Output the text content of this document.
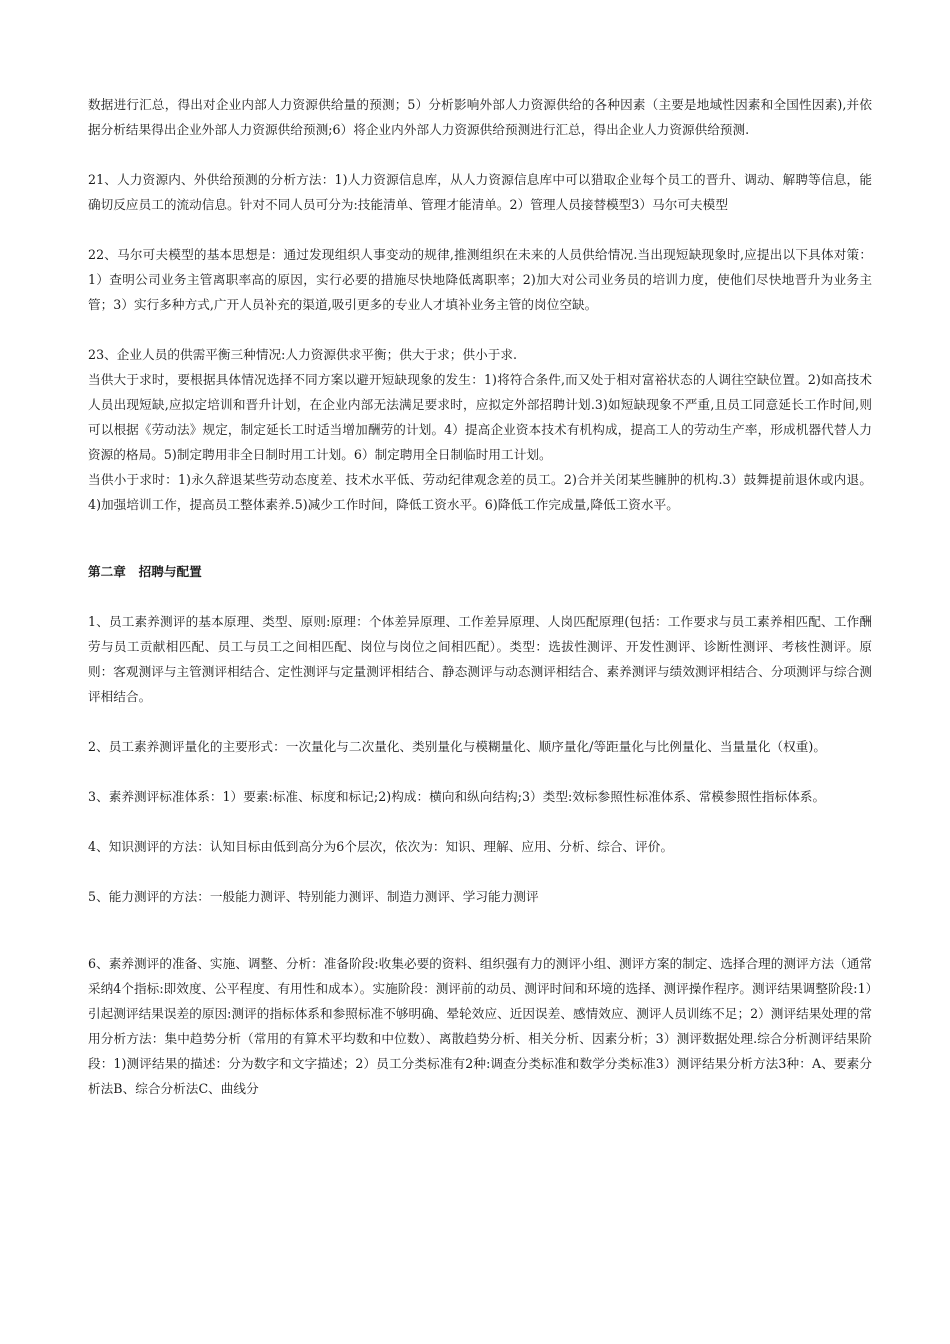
数据进行汇总，得出对企业内部人力资源供给量的预测；5）分析影响外部人力资源供给的各种因素（主要是地域性因素和全国性因素),并依据分析结果得出企业外部人力资源供给预测;6）将企业内外部人力资源供给预测进行汇总，得出企业人力资源供给预测.

21、人力资源内、外供给预测的分析方法：1)人力资源信息库，从人力资源信息库中可以猎取企业每个员工的晋升、调动、解聘等信息，能确切反应员工的流动信息。针对不同人员可分为:技能清单、管理才能清单。2）管理人员接替模型3）马尔可夫模型

22、马尔可夫模型的基本思想是：通过发现组织人事变动的规律,推测组织在未来的人员供给情况.当出现短缺现象时,应提出以下具体对策：1）查明公司业务主管离职率高的原因，实行必要的措施尽快地降低离职率；2)加大对公司业务员的培训力度，使他们尽快地晋升为业务主管；3）实行多种方式,广开人员补充的渠道,吸引更多的专业人才填补业务主管的岗位空缺。

23、企业人员的供需平衡三种情况:人力资源供求平衡；供大于求；供小于求.

当供大于求时，要根据具体情况选择不同方案以避开短缺现象的发生：1)将符合条件,而又处于相对富裕状态的人调往空缺位置。2)如高技术人员出现短缺,应拟定培训和晋升计划，在企业内部无法满足要求时，应拟定外部招聘计划.3)如短缺现象不严重,且员工同意延长工作时间,则可以根据《劳动法》规定，制定延长工时适当增加酬劳的计划。4）提高企业资本技术有机构成，提高工人的劳动生产率，形成机器代替人力资源的格局。5)制定聘用非全日制时用工计划。6）制定聘用全日制临时用工计划。

当供小于求时：1)永久辞退某些劳动态度差、技术水平低、劳动纪律观念差的员工。2)合并关闭某些臃肿的机构.3）鼓舞提前退休或内退。4)加强培训工作，提高员工整体素养.5)减少工作时间，降低工资水平。6)降低工作完成量,降低工资水平。

第二章　招聘与配置

1、员工素养测评的基本原理、类型、原则:原理：个体差异原理、工作差异原理、人岗匹配原理(包括：工作要求与员工素养相匹配、工作酬劳与员工贡献相匹配、员工与员工之间相匹配、岗位与岗位之间相匹配）。类型：选拔性测评、开发性测评、诊断性测评、考核性测评。原则：客观测评与主管测评相结合、定性测评与定量测评相结合、静态测评与动态测评相结合、素养测评与绩效测评相结合、分项测评与综合测评相结合。

2、员工素养测评量化的主要形式：一次量化与二次量化、类别量化与模糊量化、顺序量化/等距量化与比例量化、当量量化（权重)。

3、素养测评标准体系：1）要素:标准、标度和标记;2)构成：横向和纵向结构;3）类型:效标参照性标准体系、常模参照性指标体系。

4、知识测评的方法：认知目标由低到高分为6个层次，依次为：知识、理解、应用、分析、综合、评价。

5、能力测评的方法：一般能力测评、特别能力测评、制造力测评、学习能力测评

6、素养测评的准备、实施、调整、分析：准备阶段:收集必要的资料、组织强有力的测评小组、测评方案的制定、选择合理的测评方法（通常采纳4个指标:即效度、公平程度、有用性和成本）。实施阶段：测评前的动员、测评时间和环境的选择、测评操作程序。测评结果调整阶段:1）引起测评结果误差的原因:测评的指标体系和参照标准不够明确、晕轮效应、近因误差、感情效应、测评人员训练不足；2）测评结果处理的常用分析方法：集中趋势分析（常用的有算术平均数和中位数）、离散趋势分析、相关分析、因素分析；3）测评数据处理.综合分析测评结果阶段：1)测评结果的描述：分为数字和文字描述；2）员工分类标准有2种:调查分类标准和数学分类标准3）测评结果分析方法3种：A、要素分析法B、综合分析法C、曲线分
